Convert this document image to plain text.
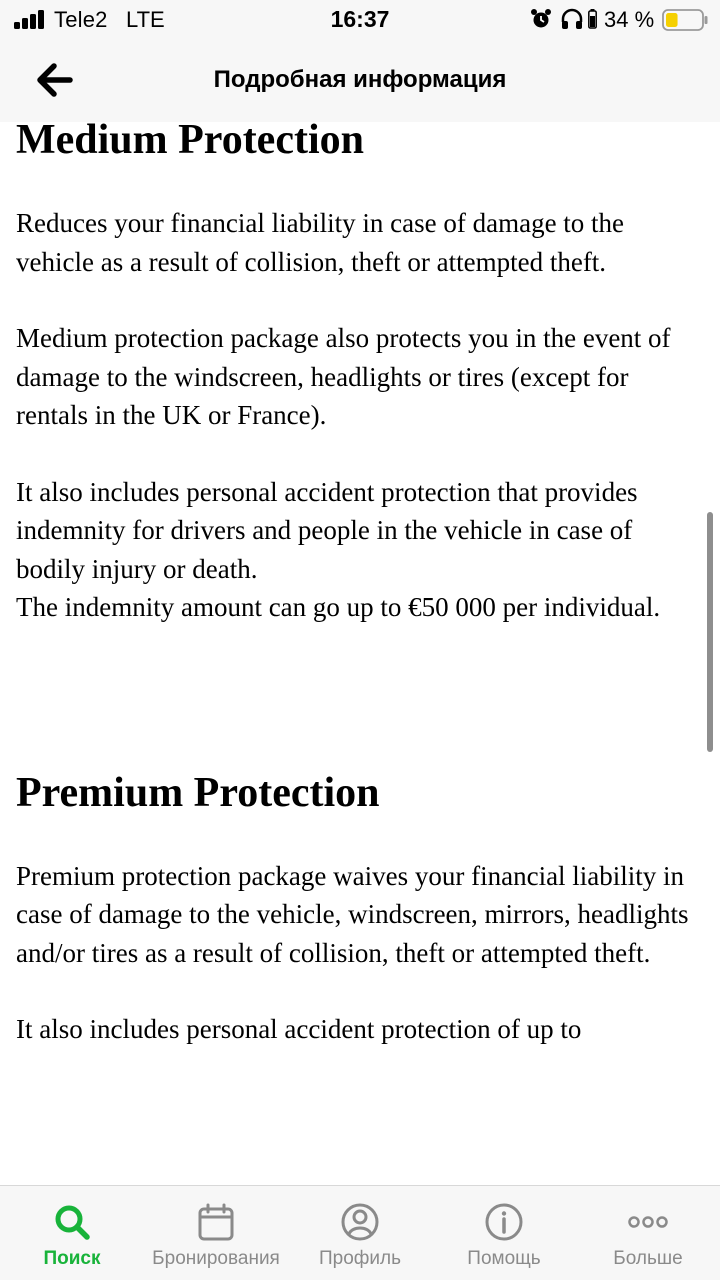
Tele2 LTE	16:37	34 %
Подробная информация
Medium Protection

Reduces your financial liability in case of damage to the vehicle as a result of collision, theft or attempted theft.

Medium protection package also protects you in the event of damage to the windscreen, headlights or tires (except for rentals in the UK or France).

It also includes personal accident protection that provides indemnity for drivers and people in the vehicle in case of bodily injury or death.

The indemnity amount can go up to €50 000 per individual.

Premium Protection

Premium protection package waives your financial liability in case of damage to the vehicle, windscreen, mirrors, headlights and/or tires as a result of collision, theft or attempted theft.

It also includes personal accident protection of up to

Поиск	Бронирования	Профиль	Помощь	Больше
